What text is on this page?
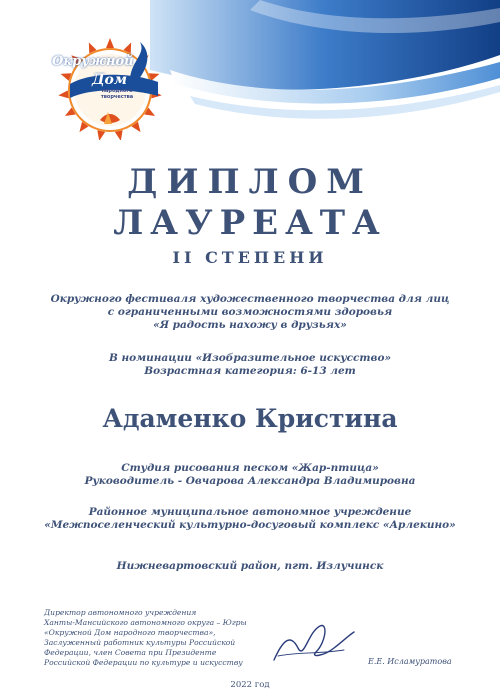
Окружной
Дом
народного творчества
ДИПЛОМ
ЛАУРЕАТА
II СТЕПЕНИ
Окружного фестиваля художественного творчества для лиц
с ограниченными возможностями здоровья
«Я радость нахожу в друзьях»
В номинации «Изобразительное искусство»
Возрастная категория: 6-13 лет
Адаменко Кристина
Студия рисования песком «Жар-птица»
Руководитель - Овчарова Александра Владимировна
Районное муниципальное автономное учреждение
«Межпоселенческий культурно-досуговый комплекс «Арлекино»
Нижневартовский район, пгт. Излучинск
Директор автономного учреждения
Ханты-Мансийского автономного округа – Югры
«Окружной Дом народного творчества»,
Заслуженный работник культуры Российской
Федерации, член Совета при Президенте
Российской Федерации по культуре и искусству	Е.Е. Исламуратова
2022 год
